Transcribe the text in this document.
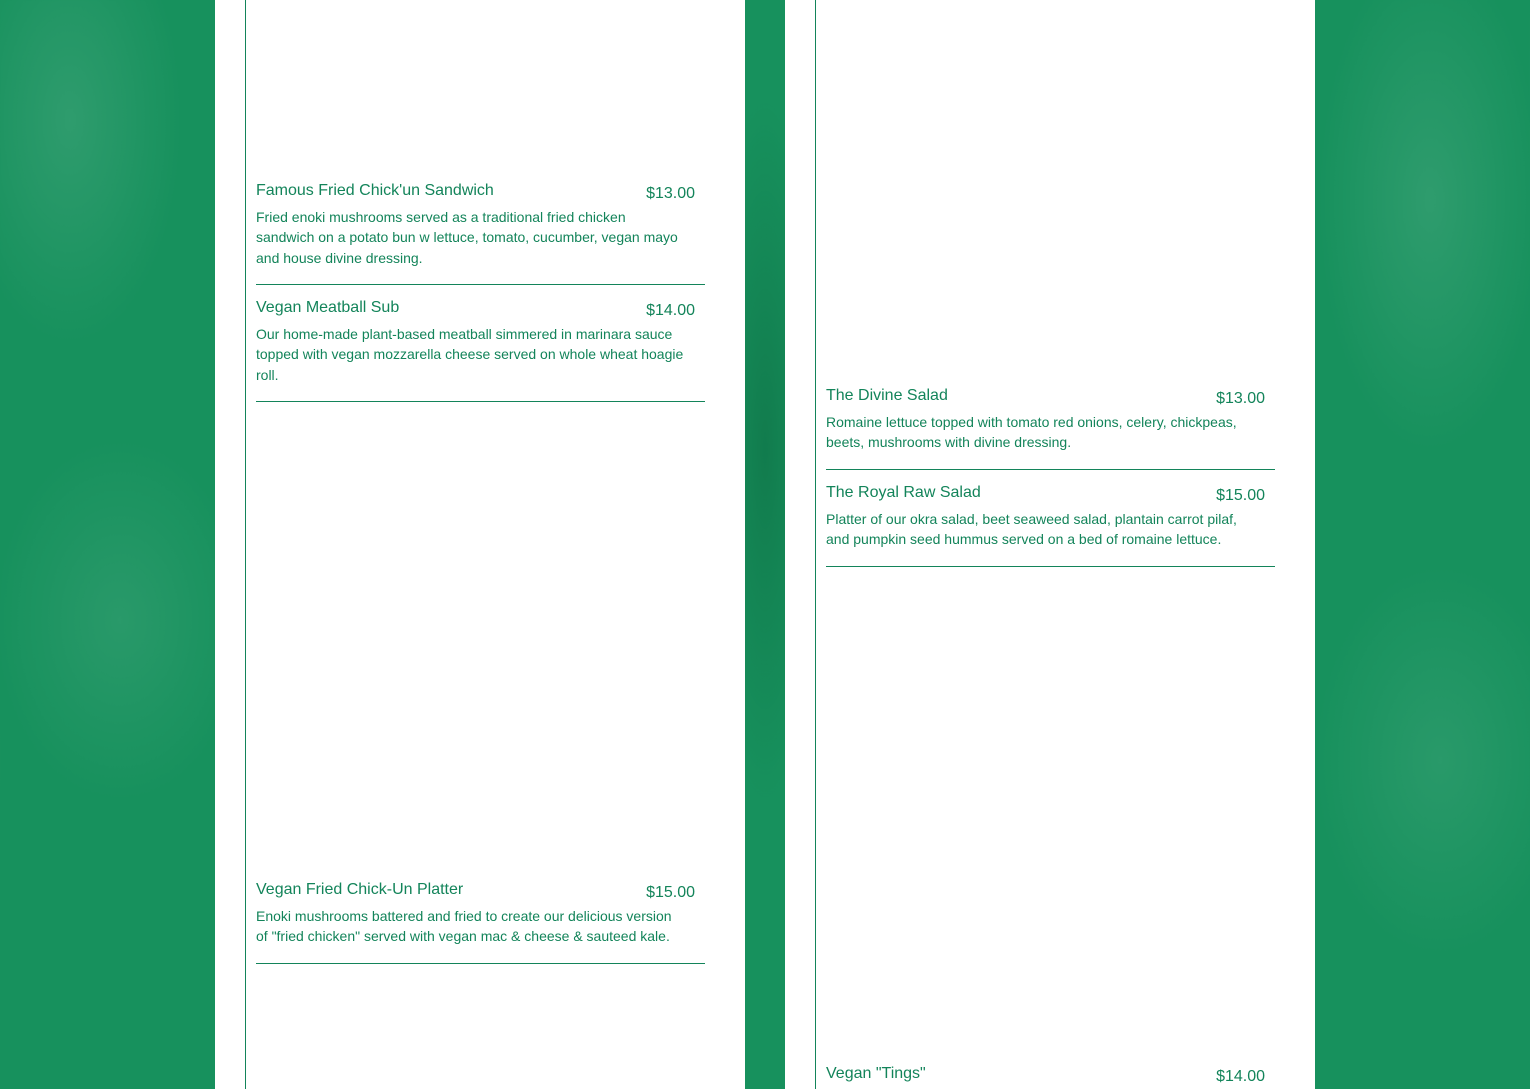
Famous Fried Chick'un Sandwich	$13.00

Fried enoki mushrooms served as a traditional fried chicken sandwich on a potato bun w lettuce, tomato, cucumber, vegan mayo and house divine dressing.

Vegan Meatball Sub	$14.00

Our home-made plant-based meatball simmered in marinara sauce topped with vegan mozzarella cheese served on whole wheat hoagie roll.

Vegan Fried Chick-Un Platter	$15.00

Enoki mushrooms battered and fried to create our delicious version of "fried chicken" served with vegan mac & cheese & sauteed kale.

The Divine Salad	$13.00

Romaine lettuce topped with tomato red onions, celery, chickpeas, beets, mushrooms with divine dressing.

The Royal Raw Salad	$15.00

Platter of our okra salad, beet seaweed salad, plantain carrot pilaf, and pumpkin seed hummus served on a bed of romaine lettuce.

Vegan "Tings"	$14.00
